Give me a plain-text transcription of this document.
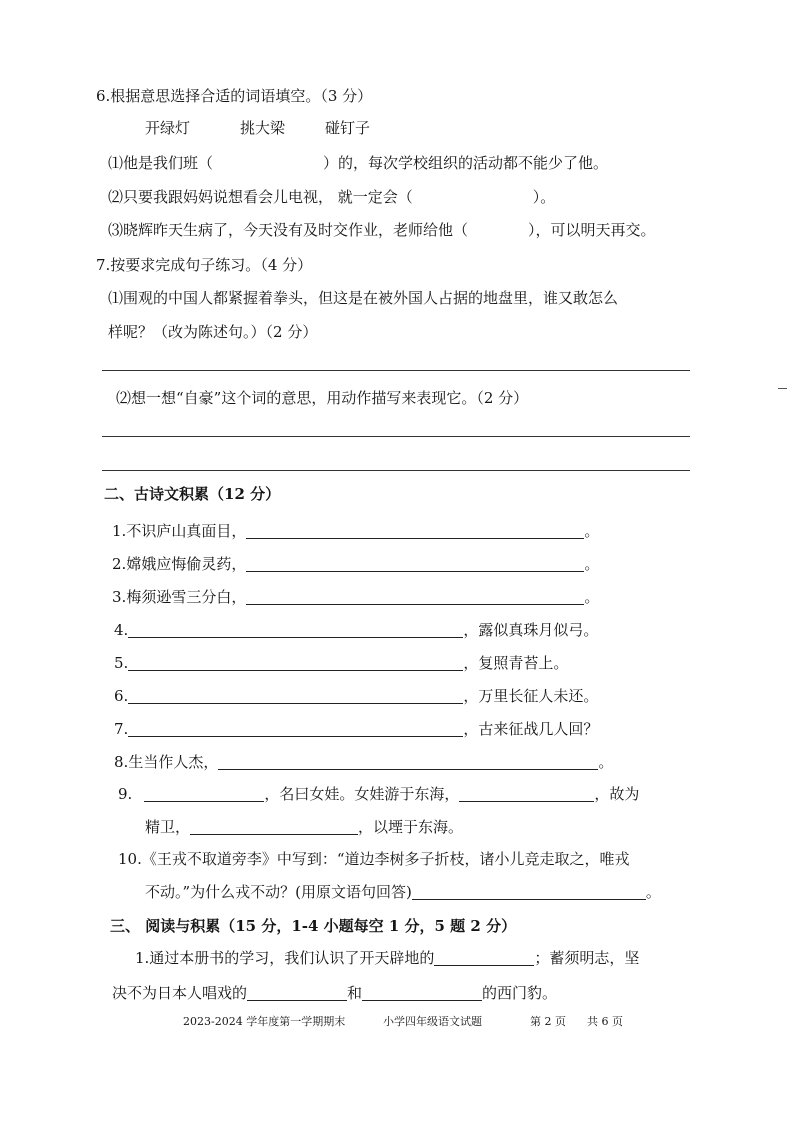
6.根据意思选择合适的词语填空。（3 分）
开绿灯	挑大梁	碰钉子
⑴他是我们班（	）的，每次学校组织的活动都不能少了他。
⑵只要我跟妈妈说想看会儿电视， 就一定会（	）。
⑶晓辉昨天生病了，今天没有及时交作业，老师给他（	），可以明天再交。
7.按要求完成句子练习。（4 分）
⑴围观的中国人都紧握着拳头，但这是在被外国人占据的地盘里，谁又敢怎么
样呢？（改为陈述句。）（2 分）
⑵想一想“自豪”这个词的意思，用动作描写来表现它。（2 分）
二、古诗文积累（12 分）
1.不识庐山真面目，	。
2.嫦娥应悔偷灵药，	。
3.梅须逊雪三分白，	。
4.	，露似真珠月似弓。
5.	，复照青苔上。
6.	，万里长征人未还。
7.	，古来征战几人回？
8.生当作人杰，	。
9.	，名曰女娃。女娃游于东海，	，故为
精卫，	，以堙于东海。
10.《王戎不取道旁李》中写到：“道边李树多子折枝，诸小儿竞走取之，唯戎
不动。”为什么戎不动？(用原文语句回答)	。
三、 阅读与积累（15 分，1-4 小题每空 1 分，5 题 2 分）
1.通过本册书的学习，我们认识了开天辟地的	；蓄须明志，坚
决不为日本人唱戏的	和	的西门豹。
2023-2024 学年度第一学期期末	小学四年级语文试题	第 2 页 共 6 页
